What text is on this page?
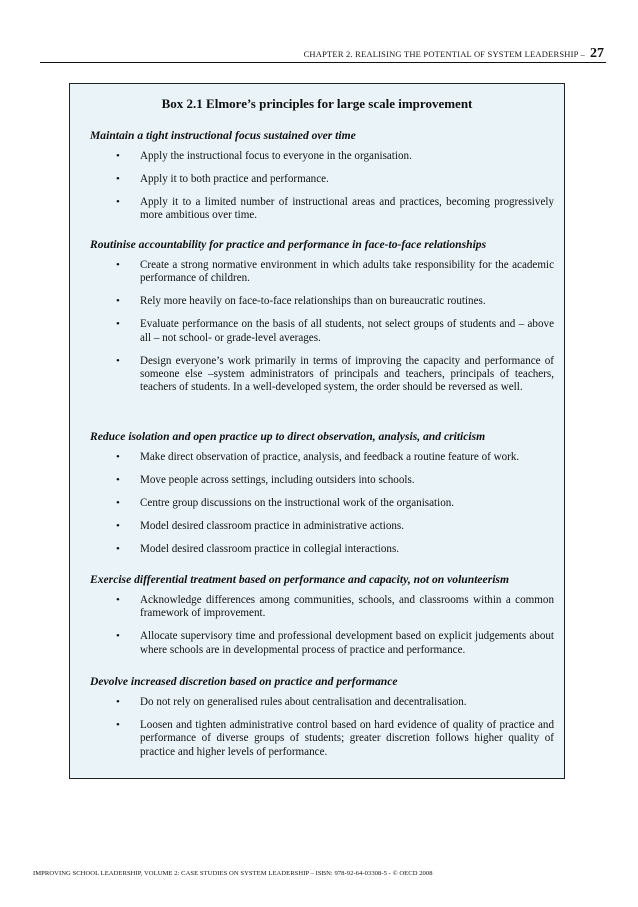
CHAPTER 2. REALISING THE POTENTIAL OF SYSTEM LEADERSHIP – 27
Box 2.1 Elmore’s principles for large scale improvement
Maintain a tight instructional focus sustained over time
• Apply the instructional focus to everyone in the organisation.
• Apply it to both practice and performance.
• Apply it to a limited number of instructional areas and practices, becoming progressively more ambitious over time.
Routinise accountability for practice and performance in face-to-face relationships
• Create a strong normative environment in which adults take responsibility for the academic performance of children.
• Rely more heavily on face-to-face relationships than on bureaucratic routines.
• Evaluate performance on the basis of all students, not select groups of students and – above all – not school- or grade-level averages.
• Design everyone’s work primarily in terms of improving the capacity and performance of someone else –system administrators of principals and teachers, principals of teachers, teachers of students. In a well-developed system, the order should be reversed as well.
Reduce isolation and open practice up to direct observation, analysis, and criticism
• Make direct observation of practice, analysis, and feedback a routine feature of work.
• Move people across settings, including outsiders into schools.
• Centre group discussions on the instructional work of the organisation.
• Model desired classroom practice in administrative actions.
• Model desired classroom practice in collegial interactions.
Exercise differential treatment based on performance and capacity, not on volunteerism
• Acknowledge differences among communities, schools, and classrooms within a common framework of improvement.
• Allocate supervisory time and professional development based on explicit judgements about where schools are in developmental process of practice and performance.
Devolve increased discretion based on practice and performance
• Do not rely on generalised rules about centralisation and decentralisation.
• Loosen and tighten administrative control based on hard evidence of quality of practice and performance of diverse groups of students; greater discretion follows higher quality of practice and higher levels of performance.
IMPROVING SCHOOL LEADERSHIP, VOLUME 2: CASE STUDIES ON SYSTEM LEADERSHIP – ISBN: 978-92-64-03308-5 - © OECD 2008
